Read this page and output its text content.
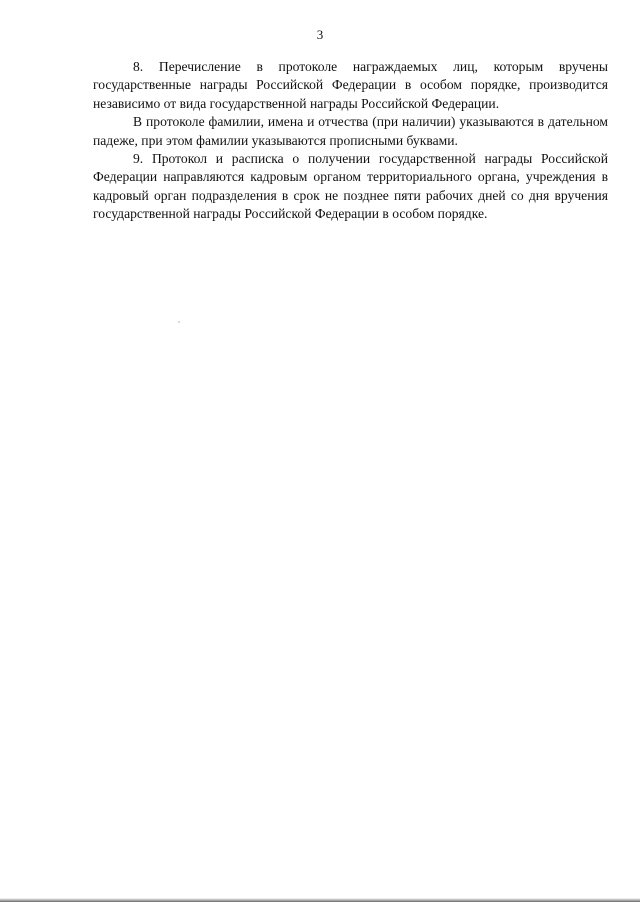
3

8. Перечисление в протоколе награждаемых лиц, которым вручены государственные награды Российской Федерации в особом порядке, производится независимо от вида государственной награды Российской Федерации.

В протоколе фамилии, имена и отчества (при наличии) указываются в дательном падеже, при этом фамилии указываются прописными буквами.

9. Протокол и расписка о получении государственной награды Российской Федерации направляются кадровым органом территориального органа, учреждения в кадровый орган подразделения в срок не позднее пяти рабочих дней со дня вручения государственной награды Российской Федерации в особом порядке.
